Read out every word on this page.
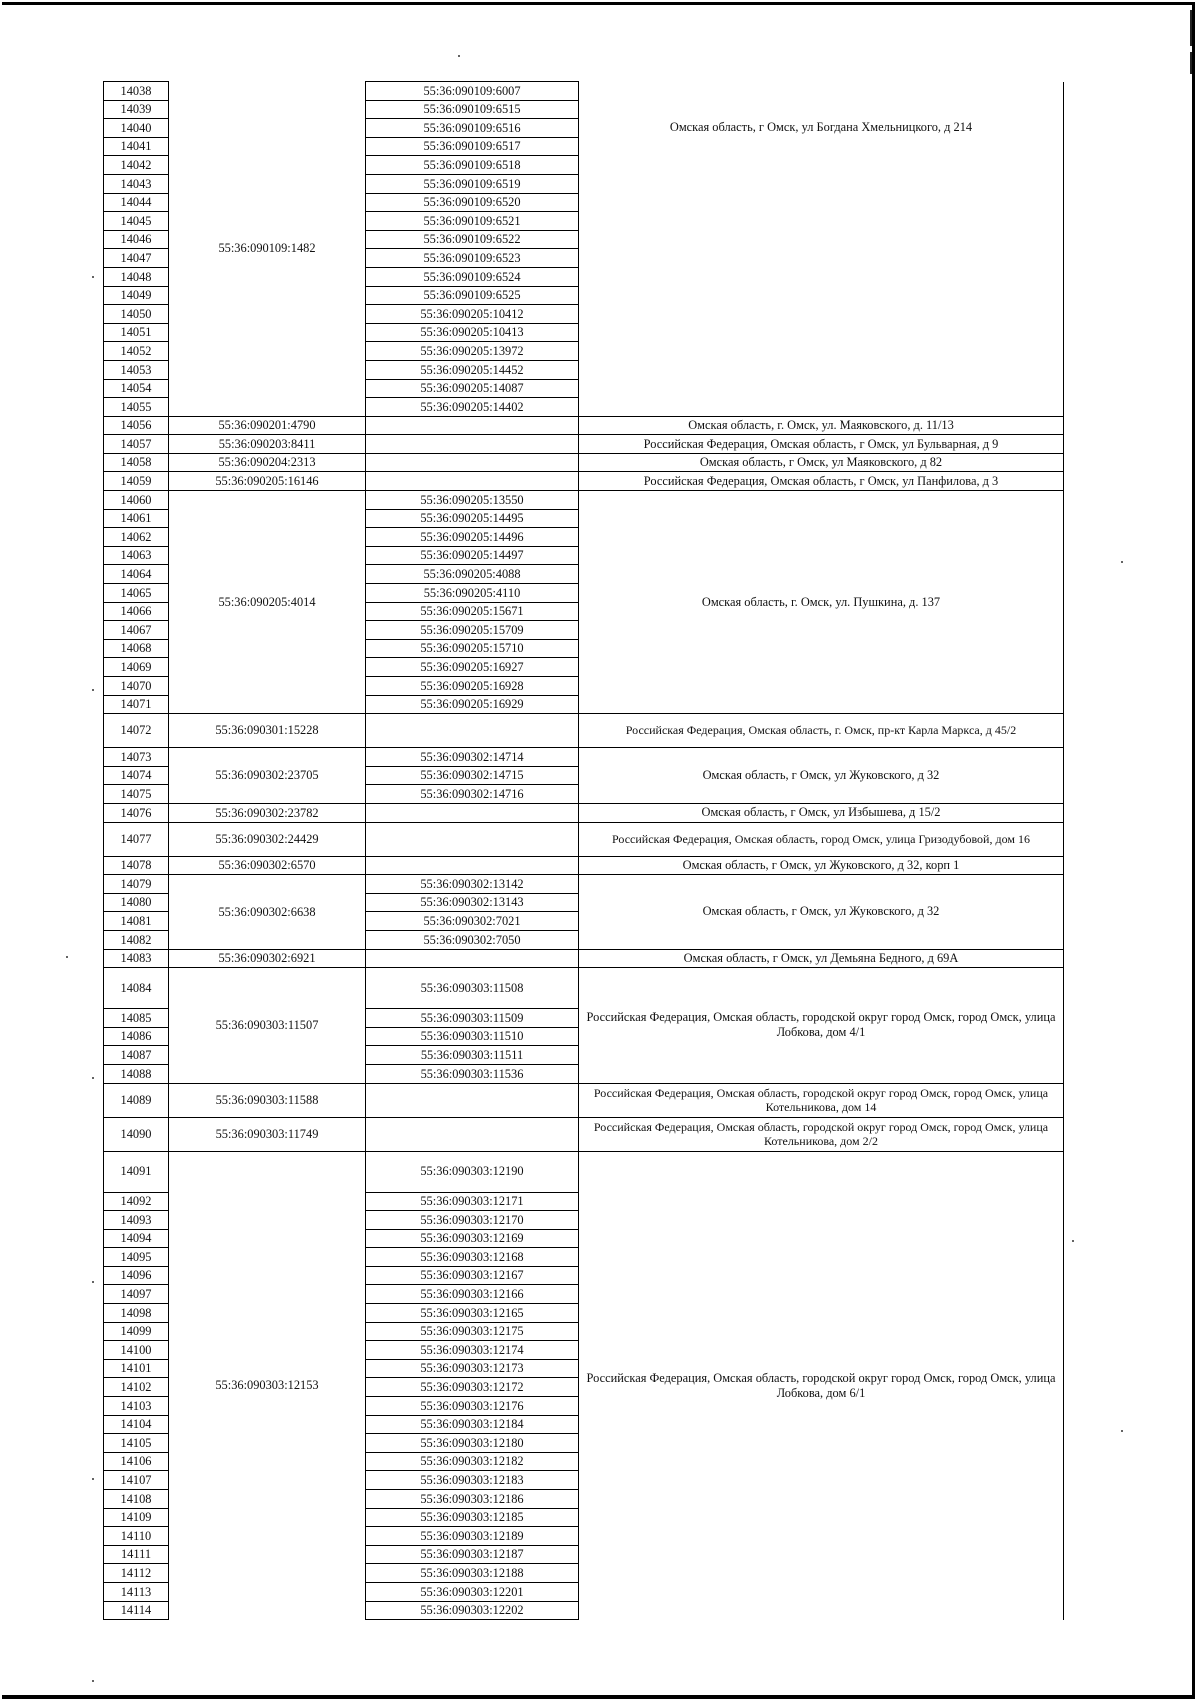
14038	55:36:090109:1482	55:36:090109:6007	Омская область, г Омск, ул Богдана Хмельницкого, д 214
14039		55:36:090109:6515	
14040		55:36:090109:6516	
14041		55:36:090109:6517	
14042		55:36:090109:6518	
14043		55:36:090109:6519	
14044		55:36:090109:6520	
14045		55:36:090109:6521	
14046		55:36:090109:6522	
14047		55:36:090109:6523	
14048		55:36:090109:6524	
14049		55:36:090109:6525	
14050		55:36:090205:10412	
14051		55:36:090205:10413	
14052		55:36:090205:13972	
14053		55:36:090205:14452	
14054		55:36:090205:14087	
14055		55:36:090205:14402	
14056	55:36:090201:4790		Омская область, г. Омск, ул. Маяковского, д. 11/13
14057	55:36:090203:8411		Российская Федерация, Омская область, г Омск, ул Бульварная, д 9
14058	55:36:090204:2313		Омская область, г Омск, ул Маяковского, д 82
14059	55:36:090205:16146		Российская Федерация, Омская область, г Омск, ул Панфилова, д 3
14060	55:36:090205:4014	55:36:090205:13550	Омская область, г. Омск, ул. Пушкина, д. 137
14061		55:36:090205:14495	
14062		55:36:090205:14496	
14063		55:36:090205:14497	
14064		55:36:090205:4088	
14065		55:36:090205:4110	
14066		55:36:090205:15671	
14067		55:36:090205:15709	
14068		55:36:090205:15710	
14069		55:36:090205:16927	
14070		55:36:090205:16928	
14071		55:36:090205:16929	
14072	55:36:090301:15228		Российская Федерация, Омская область, г. Омск, пр-кт Карла Маркса, д 45/2
14073	55:36:090302:23705	55:36:090302:14714	Омская область, г Омск, ул Жуковского, д 32
14074		55:36:090302:14715	
14075		55:36:090302:14716	
14076	55:36:090302:23782		Омская область, г Омск, ул Избышева, д 15/2
14077	55:36:090302:24429		Российская Федерация, Омская область, город Омск, улица Гризодубовой, дом 16
14078	55:36:090302:6570		Омская область, г Омск, ул Жуковского, д 32, корп 1
14079	55:36:090302:6638	55:36:090302:13142	Омская область, г Омск, ул Жуковского, д 32
14080		55:36:090302:13143	
14081		55:36:090302:7021	
14082		55:36:090302:7050	
14083	55:36:090302:6921		Омская область, г Омск, ул Демьяна Бедного, д 69А
14084	55:36:090303:11507	55:36:090303:11508	Российская Федерация, Омская область, городской округ город Омск, город Омск, улица Лобкова, дом 4/1
14085		55:36:090303:11509	
14086		55:36:090303:11510	
14087		55:36:090303:11511	
14088		55:36:090303:11536	
14089	55:36:090303:11588		Российская Федерация, Омская область, городской округ город Омск, город Омск, улица Котельникова, дом 14
14090	55:36:090303:11749		Российская Федерация, Омская область, городской округ город Омск, город Омск, улица Котельникова, дом 2/2
14091	55:36:090303:12153	55:36:090303:12190	Российская Федерация, Омская область, городской округ город Омск, город Омск, улица Лобкова, дом 6/1
14092		55:36:090303:12171	
14093		55:36:090303:12170	
14094		55:36:090303:12169	
14095		55:36:090303:12168	
14096		55:36:090303:12167	
14097		55:36:090303:12166	
14098		55:36:090303:12165	
14099		55:36:090303:12175	
14100		55:36:090303:12174	
14101		55:36:090303:12173	
14102		55:36:090303:12172	
14103		55:36:090303:12176	
14104		55:36:090303:12184	
14105		55:36:090303:12180	
14106		55:36:090303:12182	
14107		55:36:090303:12183	
14108		55:36:090303:12186	
14109		55:36:090303:12185	
14110		55:36:090303:12189	
14111		55:36:090303:12187	
14112		55:36:090303:12188	
14113		55:36:090303:12201	
14114		55:36:090303:12202	
